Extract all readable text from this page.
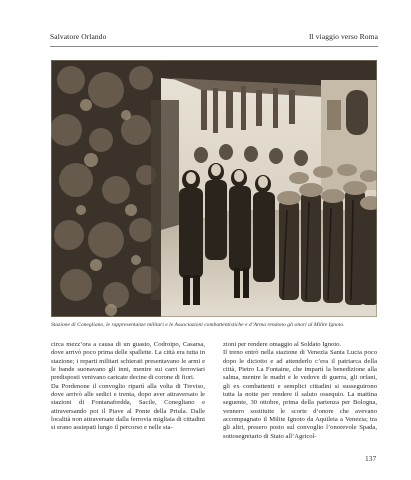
Salvatore Orlando	Il viaggio verso Roma
Stazione di Conegliano, le rappresentanze militari e le Associazioni combattentistiche e d’Arma rendono gli onori al Milite Ignoto.

circa mezz’ora a causa di un guasto, Codroipo, Casarsa, dove arrivò poco prima delle spallette. La città era tutta in stazione; i reparti militari schierati presentavano le armi e le bande suonavano gli inni, mentre sui carri ferroviari predisposti venivano caricate decine di corone di fiori.

Da Pordenone il convoglio ripartì alla volta di Treviso, dove arrivò alle sedici e trenta, dopo aver attraversato le stazioni di Fontanafredda, Sacile, Conegliano e attraversando poi il Piave al Ponte della Priula. Dalle località non attraversate dalla ferrovia migliaia di cittadini si erano assiepati lungo il percorso e nelle sta-

zioni per rendere omaggio al Soldato Ignoto.

Il treno entrò nella stazione di Venezia Santa Lucia poco dopo le diciotto e ad attenderlo c’era il patriarca della città, Pietro La Fontaine, che impartì la benedizione alla salma, mentre le madri e le vedove di guerra, gli orfani, gli ex combattenti e semplici cittadini si susseguirono tutta la notte per rendere il saluto ossequio. La mattina seguente, 30 ottobre, prima della partenza per Bologna, vennero sostituite le scorte d’onore che avevano accompagnato il Milite Ignoto da Aquileia a Venezia; tra gli altri, presero posto sul convoglio l’onorevole Spada, sottosegretario di Stato all’Agricol-

137
